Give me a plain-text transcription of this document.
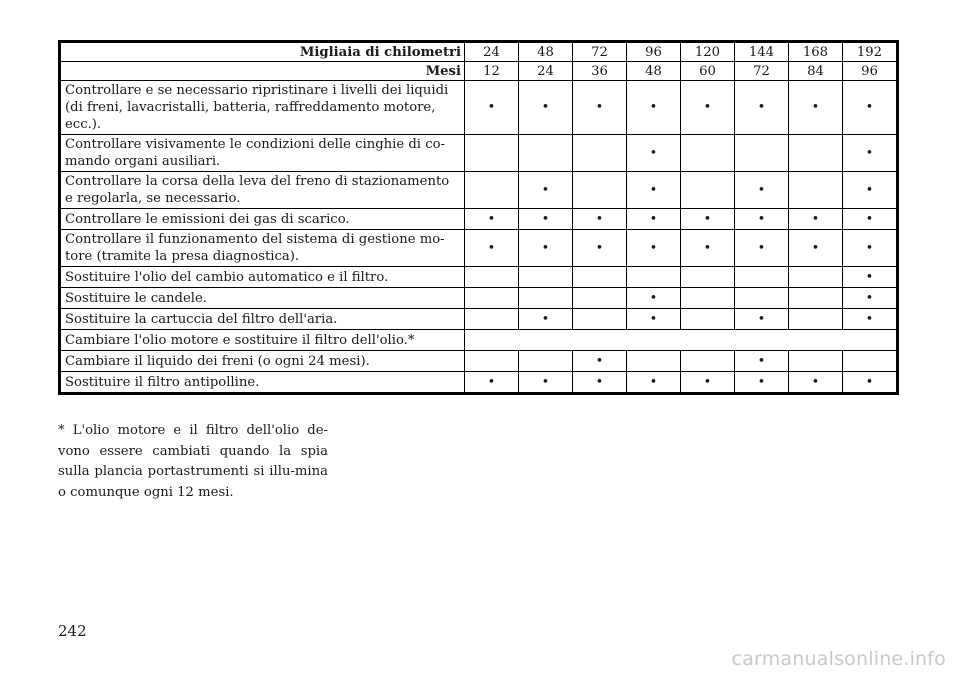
Migliaia di chilometri	24	48	72	96	120	144	168	192
Mesi	12	24	36	48	60	72	84	96
Controllare e se necessario ripristinare i livelli dei liquidi (di freni, lavacristalli, batteria, raffreddamento motore, ecc.).	•	•	•	•	•	•	•	•
Controllare visivamente le condizioni delle cinghie di co-mando organi ausiliari.				•				•
Controllare la corsa della leva del freno di stazionamento e regolarla, se necessario.		•		•		•		•
Controllare le emissioni dei gas di scarico.	•	•	•	•	•	•	•	•
Controllare il funzionamento del sistema di gestione mo-tore (tramite la presa diagnostica).	•	•	•	•	•	•	•	•
Sostituire l'olio del cambio automatico e il filtro.								•
Sostituire le candele.				•				•
Sostituire la cartuccia del filtro dell'aria.		•		•		•		•
Cambiare l'olio motore e sostituire il filtro dell'olio.*								
Cambiare il liquido dei freni (o ogni 24 mesi).			•			•		
Sostituire il filtro antipolline.	•	•	•	•	•	•	•	•
* L'olio motore e il filtro dell'olio de-vono essere cambiati quando la spia sulla plancia portastrumenti si illu-mina o comunque ogni 12 mesi.
242
carmanualsonline.info
